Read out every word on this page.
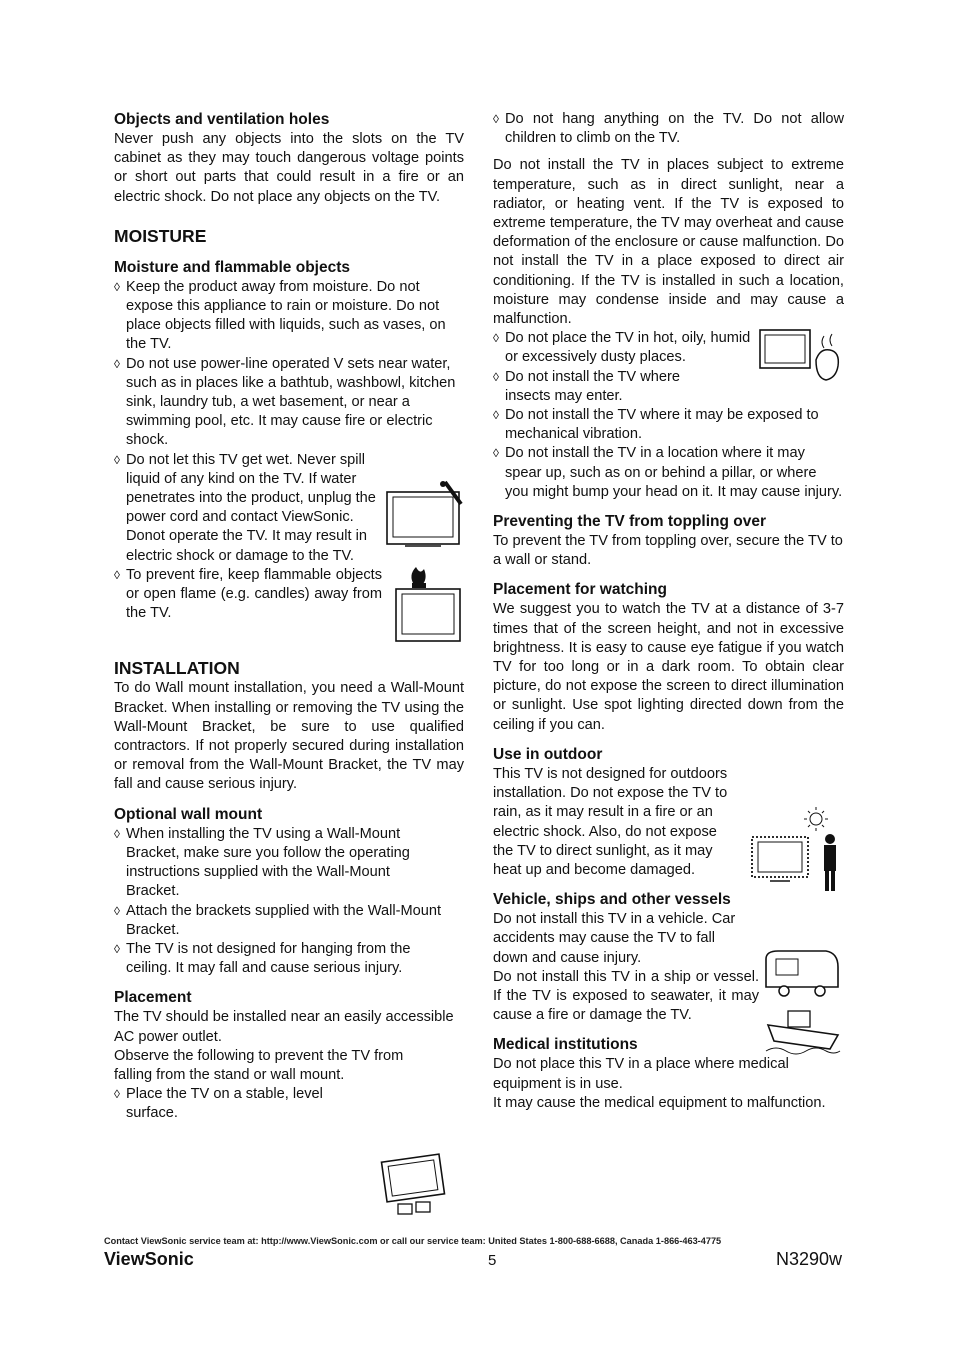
Objects and ventilation holes

Never push any objects into the slots on the TV cabinet as they may touch dangerous voltage points or short out parts that could result in a fire or an electric shock. Do not place any objects on the TV.

MOISTURE
Moisture and flammable objects
◊ Keep the product away from moisture. Do not expose this appliance to rain or moisture. Do not place objects filled with liquids, such as vases, on the TV.
◊ Do not use power-line operated V sets near water, such as in places like a bathtub, washbowl, kitchen sink, laundry tub, a wet basement, or near a swimming pool, etc. It may cause fire or electric shock.
◊ Do not let this TV get wet. Never spill liquid of any kind on the TV. If water penetrates into the product, unplug the power cord and contact ViewSonic. Donot operate the TV. It may result in electric shock or damage to the TV.
◊ To prevent fire, keep flammable objects or open flame (e.g. candles) away from the TV.
INSTALLATION

To do Wall mount installation, you need a Wall-Mount Bracket. When installing or removing the TV using the Wall-Mount Bracket, be sure to use qualified contractors. If not properly secured during installation or removal from the Wall-Mount Bracket, the TV may fall and cause serious injury.

Optional wall mount
◊ When installing the TV using a Wall-Mount Bracket, make sure you follow the operating instructions supplied with the Wall-Mount Bracket.
◊ Attach the brackets supplied with the Wall-Mount Bracket.
◊ The TV is not designed for hanging from the ceiling. It may fall and cause serious injury.
Placement

The TV should be installed near an easily accessible AC power outlet.

Observe the following to prevent the TV from falling from the stand or wall mount.

◊ Place the TV on a stable, level surface.
◊ Do not hang anything on the TV. Do not allow children to climb on the TV.

Do not install the TV in places subject to extreme temperature, such as in direct sunlight, near a radiator, or heating vent. If the TV is exposed to extreme temperature, the TV may overheat and cause deformation of the enclosure or cause malfunction. Do not install the TV in a place exposed to direct air conditioning. If the TV is installed in such a location, moisture may condense inside and may cause a malfunction.

◊ Do not place the TV in hot, oily, humid or excessively dusty places.
◊ Do not install the TV where insects may enter.
◊ Do not install the TV where it may be exposed to mechanical vibration.
◊ Do not install the TV in a location where it may spear up, such as on or behind a pillar, or where you might bump your head on it. It may cause injury.
Preventing the TV from toppling over

To prevent the TV from toppling over, secure the TV to a wall or stand.

Placement for watching

We suggest you to watch the TV at a distance of 3-7 times that of the screen height, and not in excessive brightness. It is easy to cause eye fatigue if you watch TV for too long or in a dark room. To obtain clear picture, do not expose the screen to direct illumination or sunlight. Use spot lighting directed down from the ceiling if you can.

Use in outdoor

This TV is not designed for outdoors installation. Do not expose the TV to rain, as it may result in a fire or an electric shock. Also, do not expose the TV to direct sunlight, as it may heat up and become damaged.

Vehicle, ships and other vessels

Do not install this TV in a vehicle. Car accidents may cause the TV to fall down and cause injury.

Do not install this TV in a ship or vessel. If the TV is exposed to seawater, it may cause a fire or damage the TV.

Medical institutions

Do not place this TV in a place where medical equipment is in use.

It may cause the medical equipment to malfunction.

Contact ViewSonic service team at: http://www.ViewSonic.com or call our service team: United States 1-800-688-6688, Canada 1-866-463-4775
ViewSonic	5	N3290w
